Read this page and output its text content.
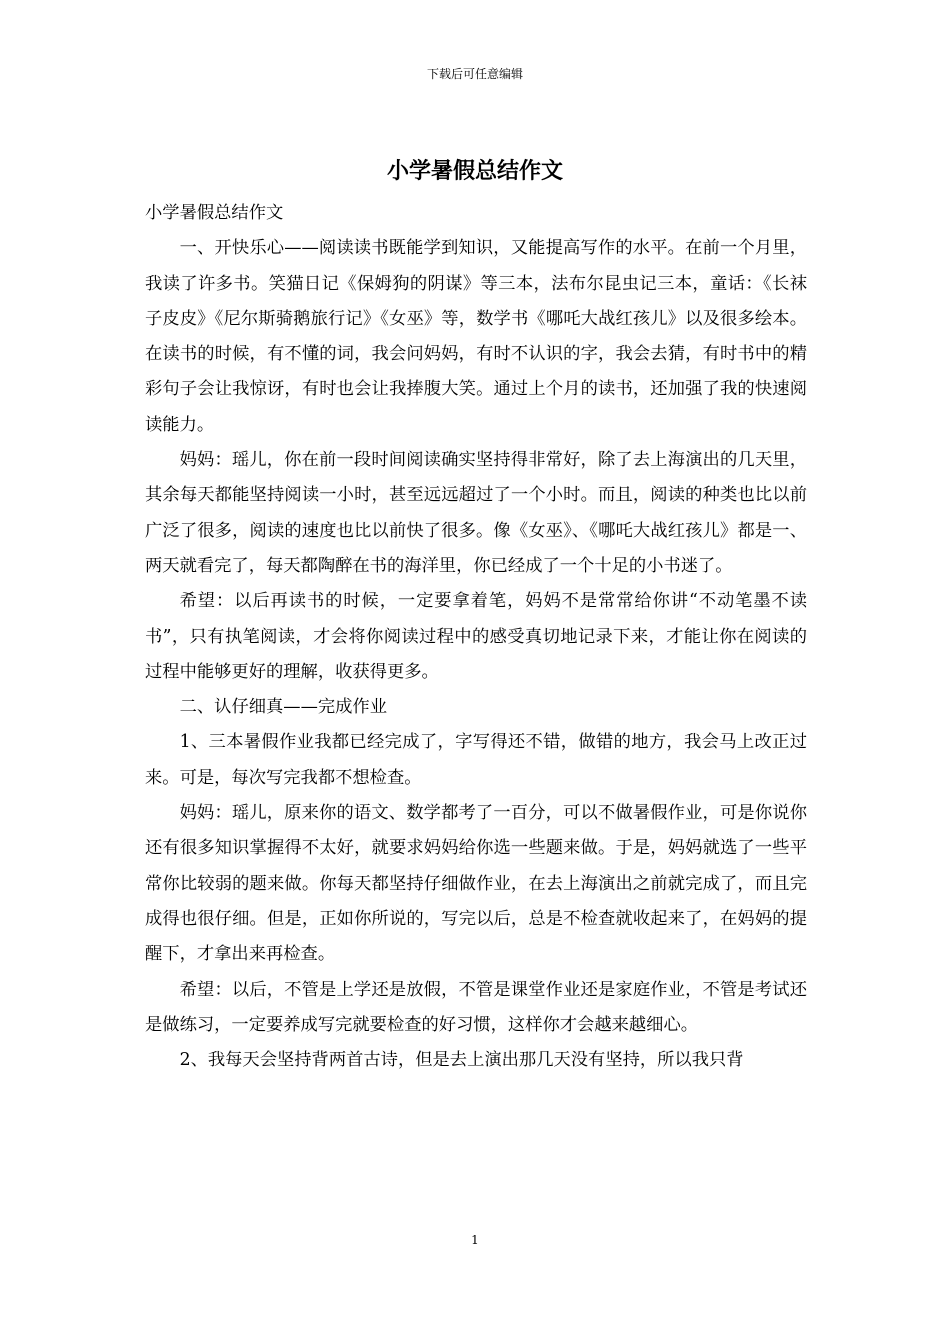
下载后可任意编辑
小学暑假总结作文

小学暑假总结作文

一、开快乐心——阅读读书既能学到知识，又能提高写作的水平。在前一个月里，我读了许多书。笑猫日记《保姆狗的阴谋》等三本，法布尔昆虫记三本，童话：《长袜子皮皮》《尼尔斯骑鹅旅行记》《女巫》等，数学书《哪吒大战红孩儿》以及很多绘本。在读书的时候，有不懂的词，我会问妈妈，有时不认识的字，我会去猜，有时书中的精彩句子会让我惊讶，有时也会让我捧腹大笑。通过上个月的读书，还加强了我的快速阅读能力。

妈妈：瑶儿，你在前一段时间阅读确实坚持得非常好，除了去上海演出的几天里，其余每天都能坚持阅读一小时，甚至远远超过了一个小时。而且，阅读的种类也比以前广泛了很多，阅读的速度也比以前快了很多。像《女巫》、《哪吒大战红孩儿》都是一、两天就看完了，每天都陶醉在书的海洋里，你已经成了一个十足的小书迷了。

希望：以后再读书的时候，一定要拿着笔，妈妈不是常常给你讲“不动笔墨不读书”，只有执笔阅读，才会将你阅读过程中的感受真切地记录下来，才能让你在阅读的过程中能够更好的理解，收获得更多。

二、认仔细真——完成作业

1、三本暑假作业我都已经完成了，字写得还不错，做错的地方，我会马上改正过来。可是，每次写完我都不想检查。

妈妈：瑶儿，原来你的语文、数学都考了一百分，可以不做暑假作业，可是你说你还有很多知识掌握得不太好，就要求妈妈给你选一些题来做。于是，妈妈就选了一些平常你比较弱的题来做。你每天都坚持仔细做作业，在去上海演出之前就完成了，而且完成得也很仔细。但是，正如你所说的，写完以后，总是不检查就收起来了，在妈妈的提醒下，才拿出来再检查。

希望：以后，不管是上学还是放假，不管是课堂作业还是家庭作业，不管是考试还是做练习，一定要养成写完就要检查的好习惯，这样你才会越来越细心。

2、我每天会坚持背两首古诗，但是去上演出那几天没有坚持，所以我只背

1
